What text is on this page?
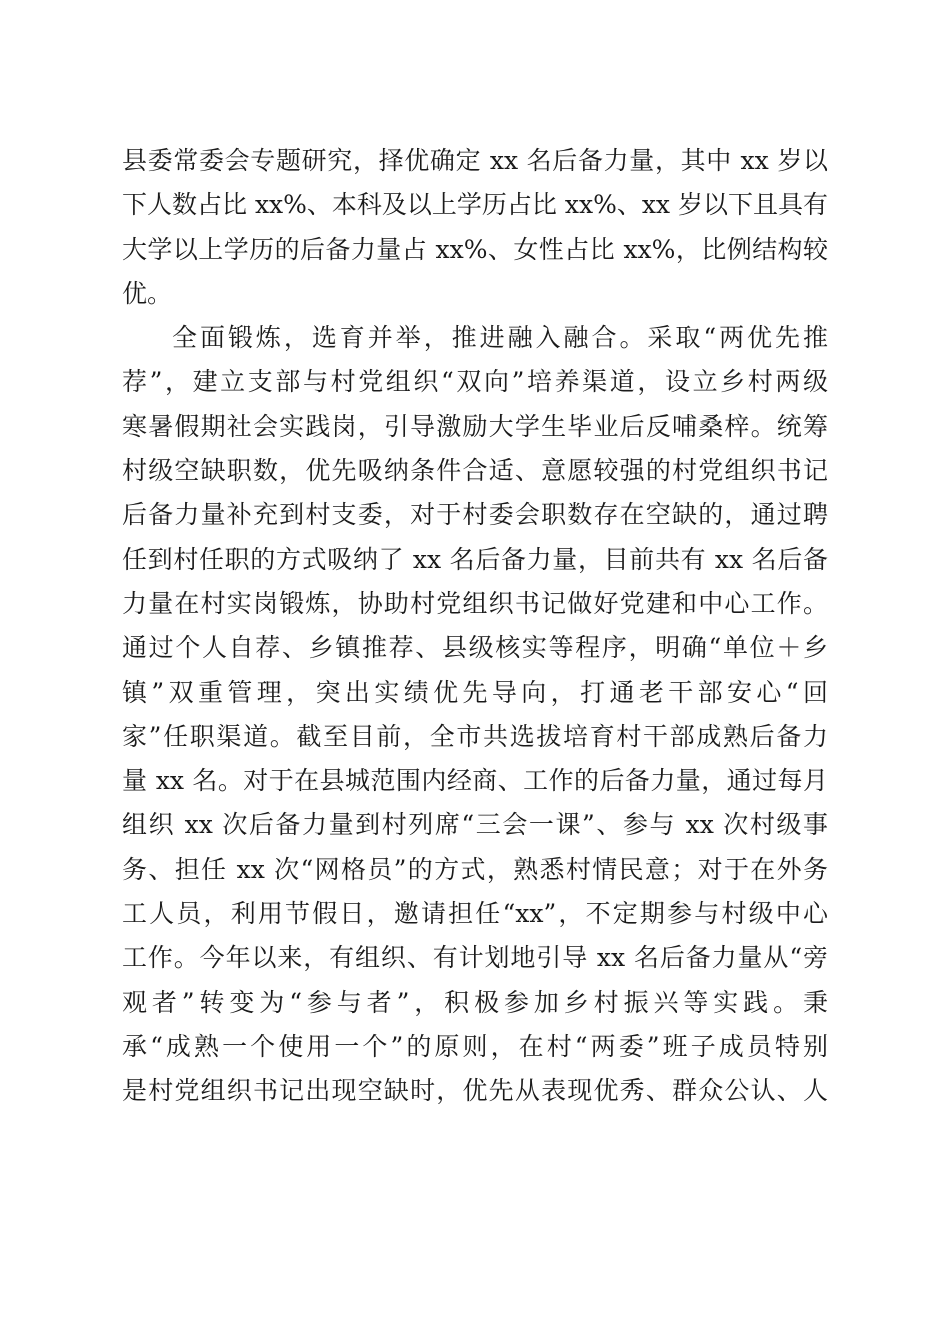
县委常委会专题研究，择优确定 xx 名后备力量，其中 xx 岁以
下人数占比 xx%、本科及以上学历占比 xx%、xx 岁以下且具有
大学以上学历的后备力量占 xx%、女性占比 xx%，比例结构较
优。
全面锻炼，选育并举，推进融入融合。采取“两优先推
荐”，建立支部与村党组织“双向”培养渠道，设立乡村两级
寒暑假期社会实践岗，引导激励大学生毕业后反哺桑梓。统筹
村级空缺职数，优先吸纳条件合适、意愿较强的村党组织书记
后备力量补充到村支委，对于村委会职数存在空缺的，通过聘
任到村任职的方式吸纳了 xx 名后备力量，目前共有 xx 名后备
力量在村实岗锻炼，协助村党组织书记做好党建和中心工作。
通过个人自荐、乡镇推荐、县级核实等程序，明确“单位＋乡
镇”双重管理，突出实绩优先导向，打通老干部安心“回
家”任职渠道。截至目前，全市共选拔培育村干部成熟后备力
量 xx 名。对于在县城范围内经商、工作的后备力量，通过每月
组织 xx 次后备力量到村列席“三会一课”、参与 xx 次村级事
务、担任 xx 次“网格员”的方式，熟悉村情民意；对于在外务
工人员，利用节假日，邀请担任“xx”，不定期参与村级中心
工作。今年以来，有组织、有计划地引导 xx 名后备力量从“旁
观者”转变为“参与者”，积极参加乡村振兴等实践。秉
承“成熟一个使用一个”的原则，在村“两委”班子成员特别
是村党组织书记出现空缺时，优先从表现优秀、群众公认、人
